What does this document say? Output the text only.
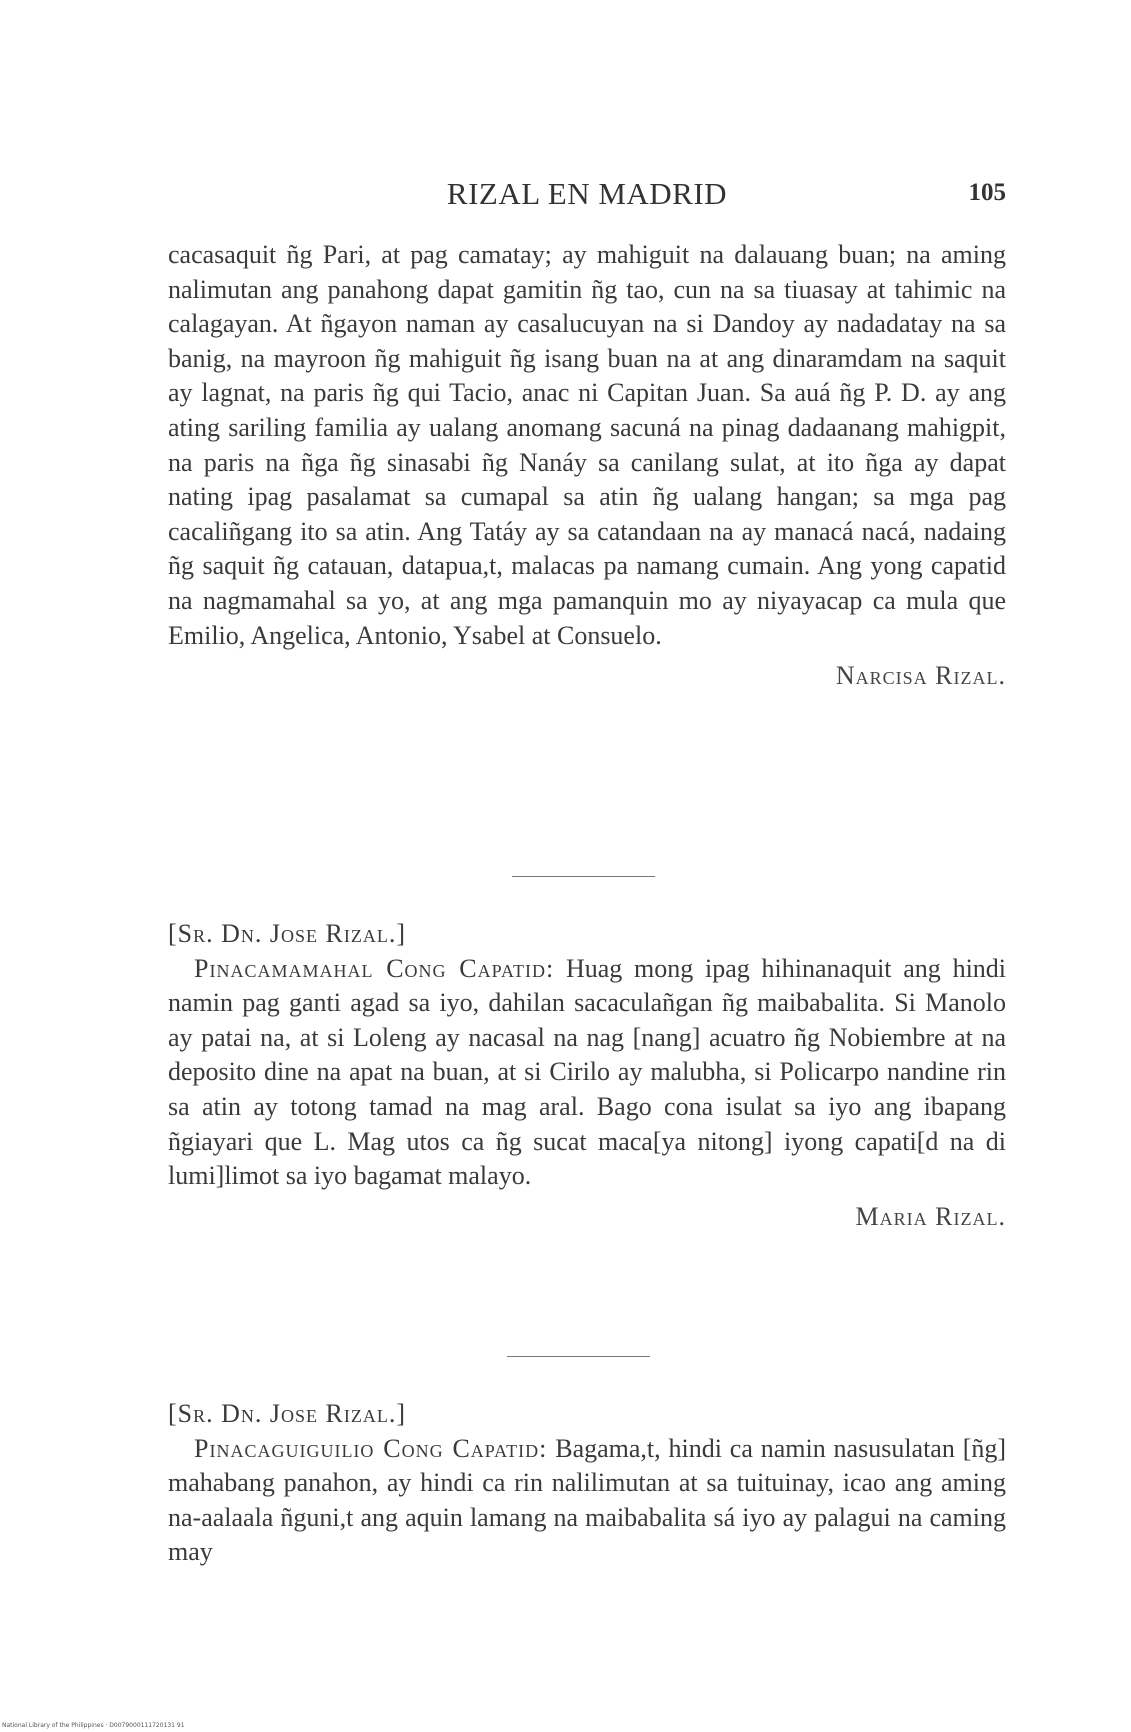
RIZAL EN MADRID	105

cacasaquit ñg Pari, at pag camatay; ay mahiguit na dalauang buan; na aming nalimutan ang panahong dapat gamitin ñg tao, cun na sa tiuasay at tahimic na calagayan. At ñgayon naman ay casalucuyan na si Dandoy ay nadadatay na sa banig, na mayroon ñg mahiguit ñg isang buan na at ang dinaramdam na saquit ay lagnat, na paris ñg qui Tacio, anac ni Capitan Juan. Sa auá ñg P. D. ay ang ating sariling familia ay ualang anomang sacuná na pinag dadaanang mahigpit, na paris na ñga ñg sinasabi ñg Nanáy sa canilang sulat, at ito ñga ay dapat nating ipag pasalamat sa cumapal sa atin ñg ualang hangan; sa mga pag cacaliñgang ito sa atin. Ang Tatáy ay sa catandaan na ay manacá nacá, nadaing ñg saquit ñg catauan, datapua,t, malacas pa namang cumain. Ang yong capatid na nagmamahal sa yo, at ang mga pamanquin mo ay niyayacap ca mula que Emilio, Angelica, Antonio, Ysabel at Consuelo.

Narcisa Rizal.

[Sr. Dn. Jose Rizal.]

Pinacamamahal Cong Capatid: Huag mong ipag hihinanaquit ang hindi namin pag ganti agad sa iyo, dahilan sacaculañgan ñg maibabalita. Si Manolo ay patai na, at si Loleng ay nacasal na nag [nang] acuatro ñg Nobiembre at na deposito dine na apat na buan, at si Cirilo ay malubha, si Policarpo nandine rin sa atin ay totong tamad na mag aral. Bago cona isulat sa iyo ang ibapang ñgiayari que L. Mag utos ca ñg sucat maca[ya nitong] iyong capati[d na di lumi]limot sa iyo bagamat malayo.

Maria Rizal.

[Sr. Dn. Jose Rizal.]

Pinacaguiguilio Cong Capatid: Bagama,t, hindi ca namin nasusulatan [ñg] mahabang panahon, ay hindi ca rin nalilimutan at sa tuituinay, icao ang aming na-aalaala ñguni,t ang aquin lamang na maibabalita sá iyo ay palagui na caming may

National Library of the Philippines · D0079000111720131 91
